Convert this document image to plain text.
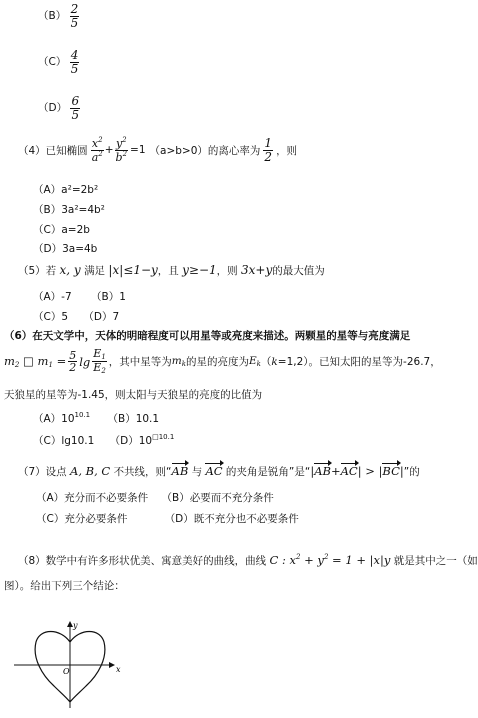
$(B) \frac{2}{5}$
$(C) \frac{4}{5}$
$(D) \frac{6}{5}$
（4）已知椭圆 $\frac{x^2}{a^2} + \frac{y^2}{b^2} =1$ （a>b>0）的离心率为 $\frac{1}{2}$ ，则
（A）a²=2b²
（B）3a²=4b²
（C）a=2b
（D）3a=4b
（5）若 x, y 满足 |x|≤1−y，且 y≥−1，则 3x+y的最大值为
（A）-7 （B）1
（C）5 （D）7
（6）在天文学中，天体的明暗程度可以用星等或亮度来描述。两颗星的星等与亮度满足
$m_2$ □ $m_1 = \frac{5}{2}$ $\lg \frac{E_1}{E_2}$ ，其中星等为 $m_k$ 的星的亮度为 $E_k$ （ k =1,2 ）。已知太阳的星等为-26.7，
天狼星的星等为-1.45，则太阳与天狼星的亮度的比值为
$(A)10^{10.1}$ （B）10.1
（C）lg10.1 $(D)10^{□10.1}$
（7）设点 A, B, C 不共线，则“AB 与 AC 的夹角是锐角”是“|AB+AC| > |BC|”的
（A）充分而不必要条件 （B）必要而不充分条件
（C）充分必要条件	（D）既不充分也不必要条件
（8）数学中有许多形状优美、寓意美好的曲线，曲线 C : $x^2 + y^2 = 1 + |x|y$ 就是其中之一（如
图）。给出下列三个结论：
x
y
O
